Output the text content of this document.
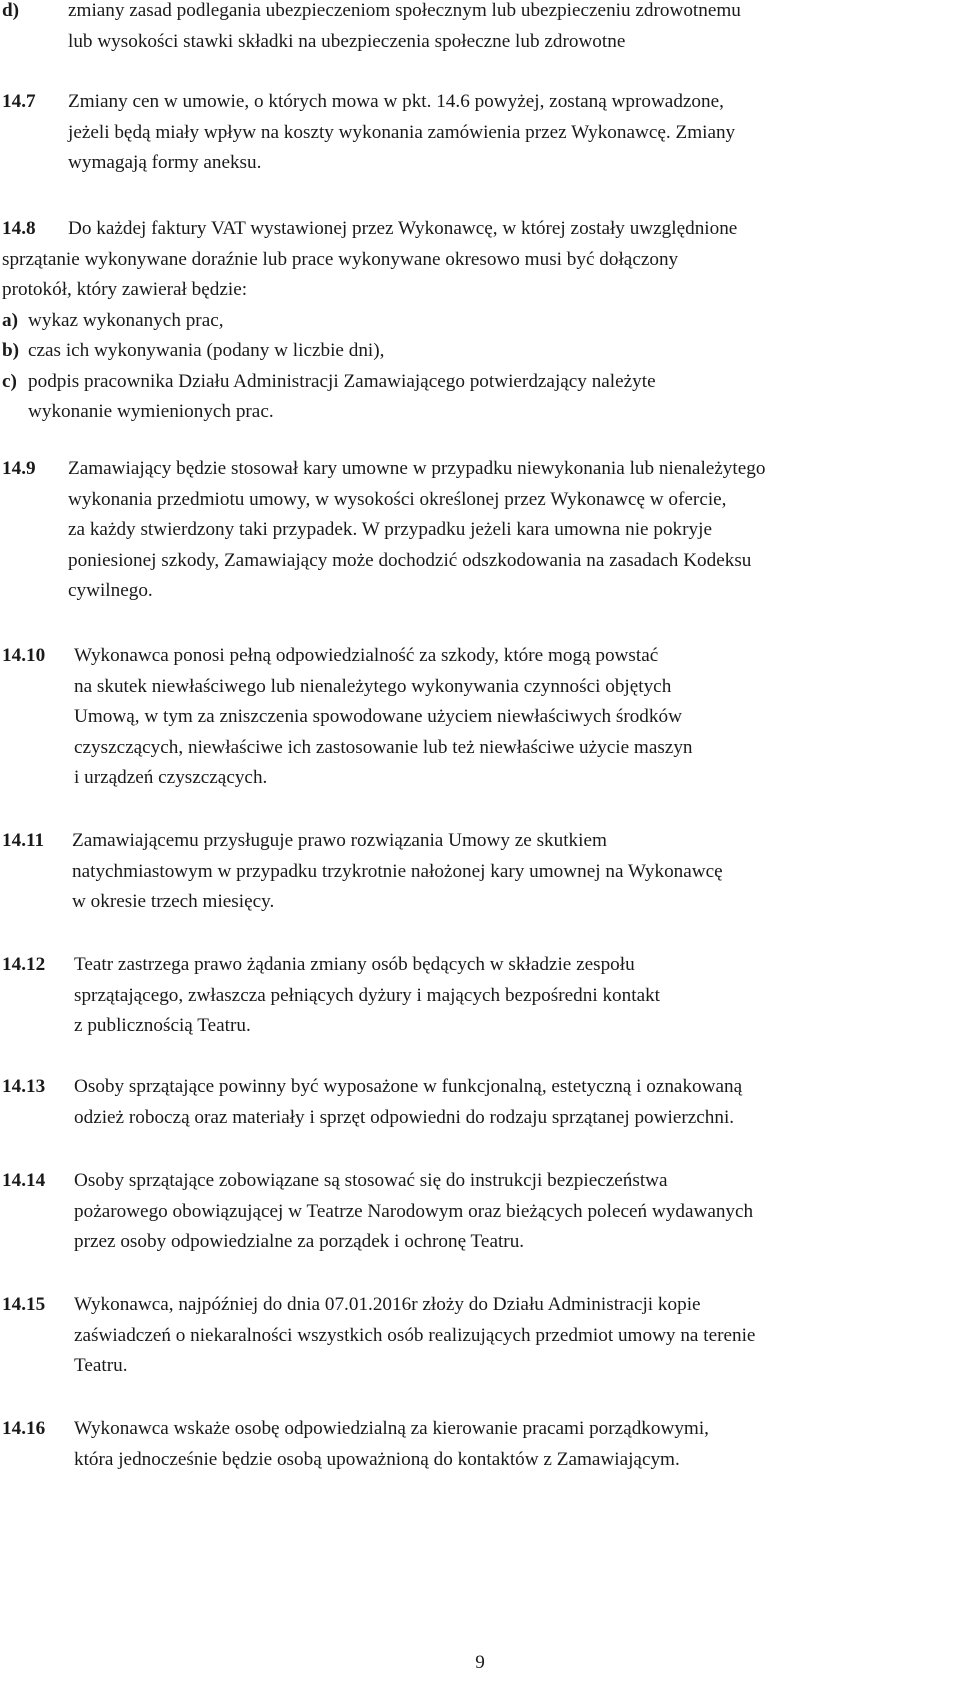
d)	zmiany zasad podlegania ubezpieczeniom społecznym lub ubezpieczeniu zdrowotnemu
lub wysokości stawki składki na ubezpieczenia społeczne lub zdrowotne
14.7 Zmiany cen w umowie, o których mowa w pkt. 14.6 powyżej, zostaną wprowadzone,
jeżeli będą miały wpływ na koszty wykonania zamówienia przez Wykonawcę. Zmiany
wymagają formy aneksu.
14.8 Do każdej faktury VAT wystawionej przez Wykonawcę, w której zostały uwzględnione
sprzątanie wykonywane doraźnie lub prace wykonywane okresowo musi być dołączony
protokół, który zawierał będzie:
a) wykaz wykonanych prac,
b) czas ich wykonywania (podany w liczbie dni),
c) podpis pracownika Działu Administracji Zamawiającego potwierdzający należyte
wykonanie wymienionych prac.
14.9 Zamawiający będzie stosował kary umowne w przypadku niewykonania lub nienależytego
wykonania przedmiotu umowy, w wysokości określonej przez Wykonawcę w ofercie,
za każdy stwierdzony taki przypadek. W przypadku jeżeli kara umowna nie pokryje
poniesionej szkody, Zamawiający może dochodzić odszkodowania na zasadach Kodeksu
cywilnego.
14.10 Wykonawca ponosi pełną odpowiedzialność za szkody, które mogą powstać
na skutek niewłaściwego lub nienależytego wykonywania czynności objętych
Umową, w tym za zniszczenia spowodowane użyciem niewłaściwych środków
czyszczących, niewłaściwe ich zastosowanie lub też niewłaściwe użycie maszyn
i urządzeń czyszczących.
14.11 Zamawiającemu przysługuje prawo rozwiązania Umowy ze skutkiem
natychmiastowym w przypadku trzykrotnie nałożonej kary umownej na Wykonawcę
w okresie trzech miesięcy.
14.12 Teatr zastrzega prawo żądania zmiany osób będących w składzie zespołu
sprzątającego, zwłaszcza pełniących dyżury i mających bezpośredni kontakt
z publicznością Teatru.
14.13 Osoby sprzątające powinny być wyposażone w funkcjonalną, estetyczną i oznakowaną
odzież roboczą oraz materiały i sprzęt odpowiedni do rodzaju sprzątanej powierzchni.
14.14 Osoby sprzątające zobowiązane są stosować się do instrukcji bezpieczeństwa
pożarowego obowiązującej w Teatrze Narodowym oraz bieżących poleceń wydawanych
przez osoby odpowiedzialne za porządek i ochronę Teatru.
14.15 Wykonawca, najpóźniej do dnia 07.01.2016r złoży do Działu Administracji kopie
zaświadczeń o niekaralności wszystkich osób realizujących przedmiot umowy na terenie
Teatru.
14.16 Wykonawca wskaże osobę odpowiedzialną za kierowanie pracami porządkowymi,
która jednocześnie będzie osobą upoważnioną do kontaktów z Zamawiającym.
9
